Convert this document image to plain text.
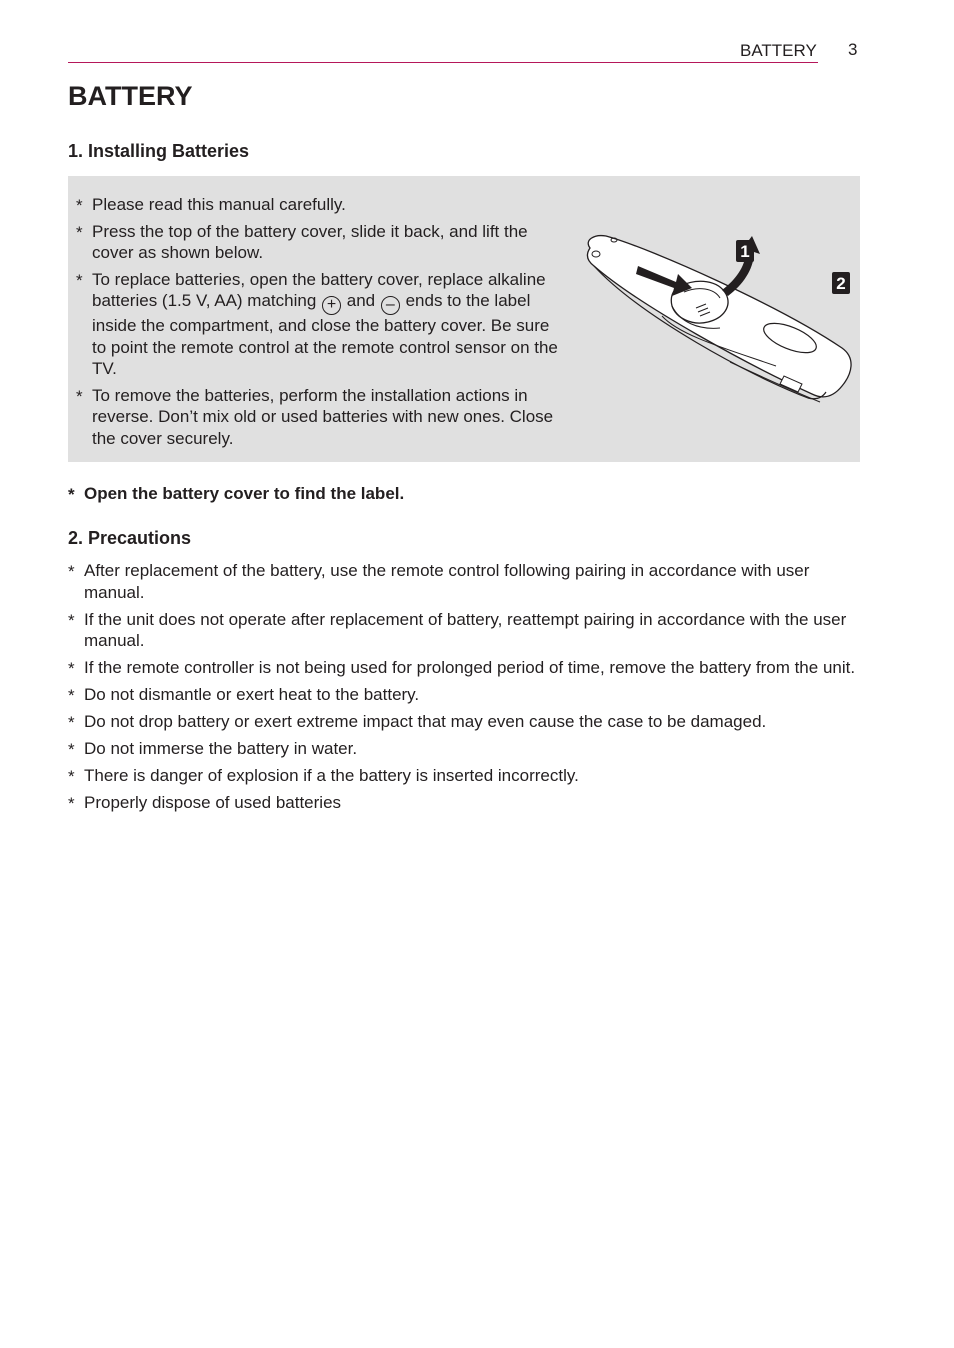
BATTERY 3
BATTERY
1. Installing Batteries
* Please read this manual carefully.
* Press the top of the battery cover, slide it back, and lift the cover as shown below.
* To replace batteries, open the battery cover, replace alkaline batteries (1.5 V, AA) matching + and – ends to the label inside the compartment, and close the battery cover. Be sure to point the remote control at the remote control sensor on the TV.
* To remove the batteries, perform the installation actions in reverse. Don’t mix old or used batteries with new ones. Close the cover securely.
1
2
* Open the battery cover to find the label.
2. Precautions
* After replacement of the battery, use the remote control following pairing in accordance with user manual.
* If the unit does not operate after replacement of battery, reattempt pairing in accordance with the user manual.
* If the remote controller is not being used for prolonged period of time, remove the battery from the unit.
* Do not dismantle or exert heat to the battery.
* Do not drop battery or exert extreme impact that may even cause the case to be damaged.
* Do not immerse the battery in water.
* There is danger of explosion if a the battery is inserted incorrectly.
* Properly dispose of used batteries
